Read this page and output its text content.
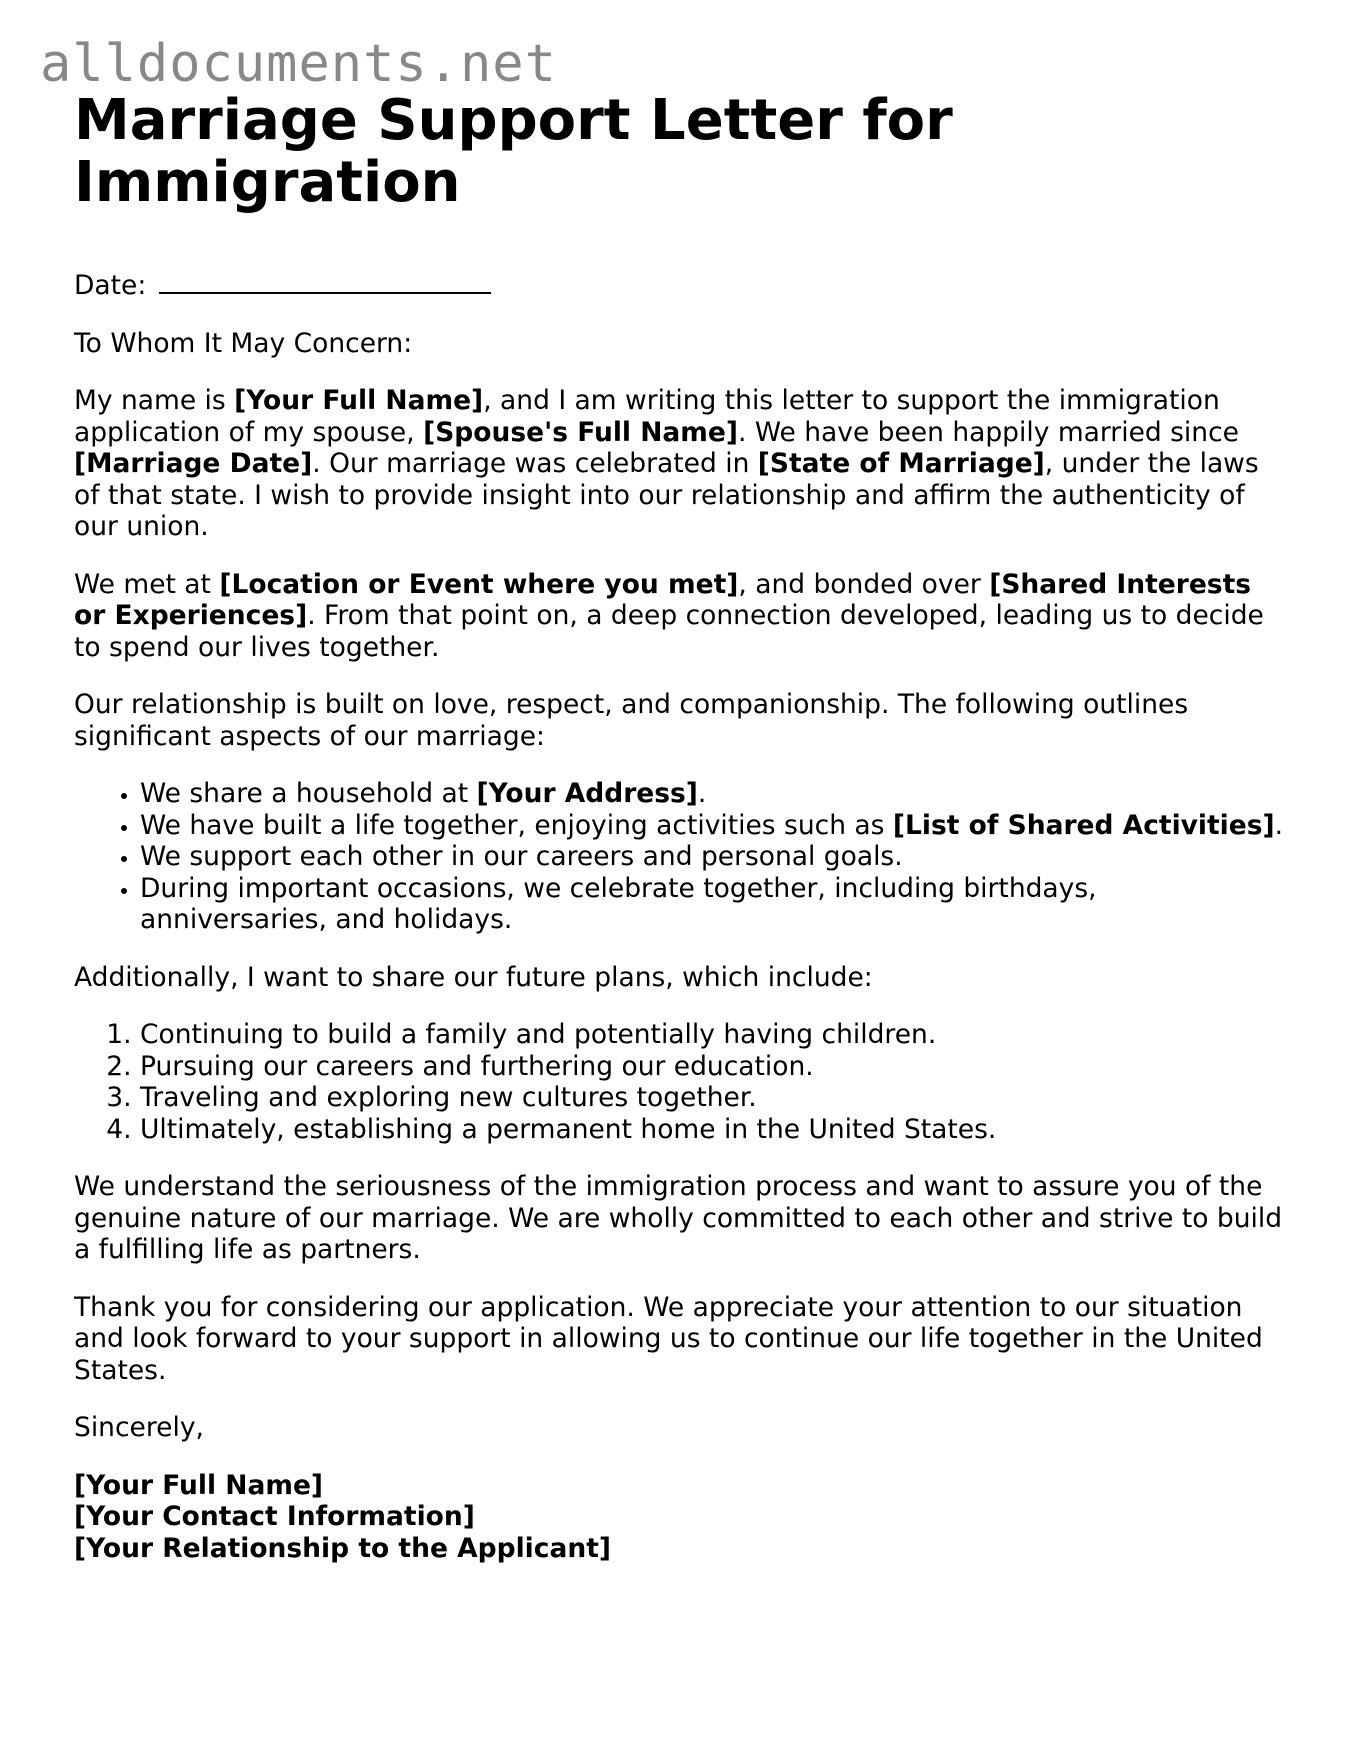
alldocuments.net
Marriage Support Letter for Immigration

Date:

To Whom It May Concern:

My name is [Your Full Name], and I am writing this letter to support the immigration application of my spouse, [Spouse's Full Name]. We have been happily married since [Marriage Date]. Our marriage was celebrated in [State of Marriage], under the laws of that state. I wish to provide insight into our relationship and affirm the authenticity of our union.

We met at [Location or Event where you met], and bonded over [Shared Interests or Experiences]. From that point on, a deep connection developed, leading us to decide to spend our lives together.

Our relationship is built on love, respect, and companionship. The following outlines significant aspects of our marriage:

• We share a household at [Your Address].
• We have built a life together, enjoying activities such as [List of Shared Activities].
• We support each other in our careers and personal goals.
• During important occasions, we celebrate together, including birthdays, anniversaries, and holidays.

Additionally, I want to share our future plans, which include:

1. Continuing to build a family and potentially having children.
2. Pursuing our careers and furthering our education.
3. Traveling and exploring new cultures together.
4. Ultimately, establishing a permanent home in the United States.

We understand the seriousness of the immigration process and want to assure you of the genuine nature of our marriage. We are wholly committed to each other and strive to build a fulfilling life as partners.

Thank you for considering our application. We appreciate your attention to our situation and look forward to your support in allowing us to continue our life together in the United States.

Sincerely,

[Your Full Name]
[Your Contact Information]
[Your Relationship to the Applicant]
